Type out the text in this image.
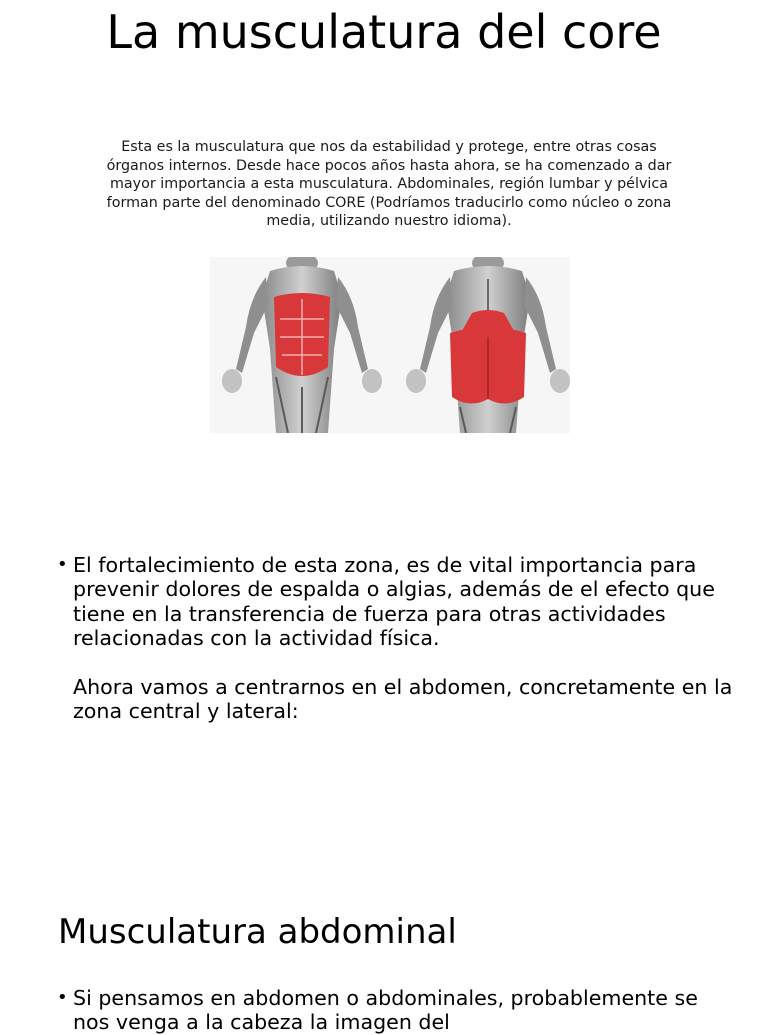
La musculatura del core

Esta es la musculatura que nos da estabilidad y protege, entre otras cosas órganos internos. Desde hace pocos años hasta ahora, se ha comenzado a dar mayor importancia a esta musculatura. Abdominales, región lumbar y pélvica forman parte del denominado CORE (Podríamos traducirlo como núcleo o zona media, utilizando nuestro idioma).

• El fortalecimiento de esta zona, es de vital importancia para prevenir dolores de espalda o algias, además de el efecto que tiene en la transferencia de fuerza para otras actividades relacionadas con la actividad física.

Ahora vamos a centrarnos en el abdomen, concretamente en la zona central y lateral:

Musculatura abdominal
• Si pensamos en abdomen o abdominales, probablemente se nos venga a la cabeza la imagen del
